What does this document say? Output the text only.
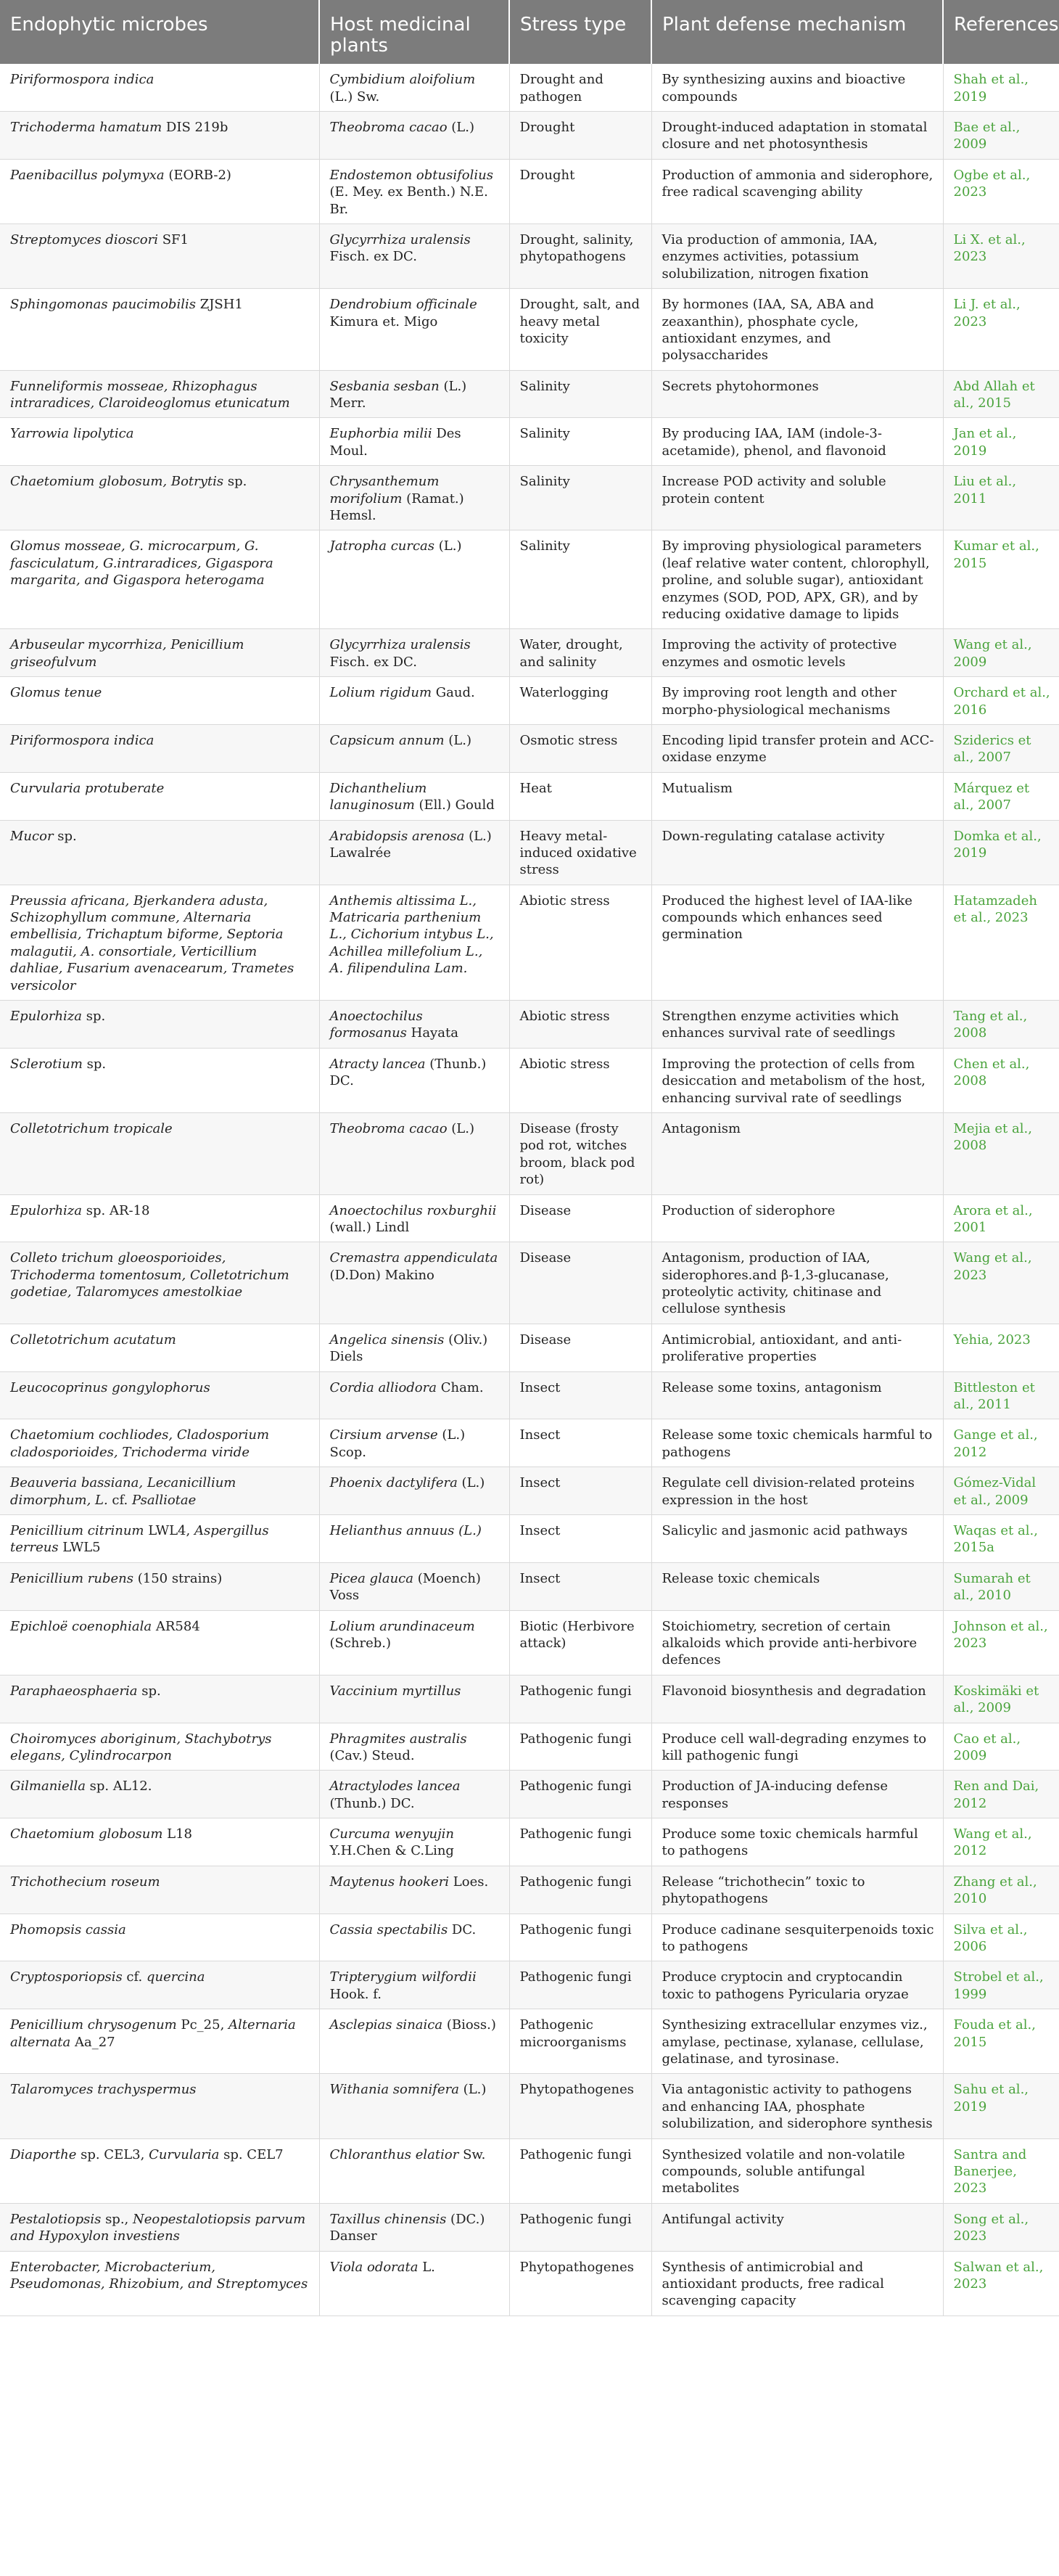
Endophytic microbes	Host medicinal plants	Stress type	Plant defense mechanism	References
Piriformospora indica	Cymbidium aloifolium (L.) Sw.	Drought and pathogen	By synthesizing auxins and bioactive compounds	Shah et al., 2019
Trichoderma hamatum DIS 219b	Theobroma cacao (L.)	Drought	Drought-induced adaptation in stomatal closure and net photosynthesis	Bae et al., 2009
Paenibacillus polymyxa (EORB-2)	Endostemon obtusifolius (E. Mey. ex Benth.) N.E. Br.	Drought	Production of ammonia and siderophore, free radical scavenging ability	Ogbe et al., 2023
Streptomyces dioscori SF1	Glycyrrhiza uralensis Fisch. ex DC.	Drought, salinity, phytopathogens	Via production of ammonia, IAA, enzymes activities, potassium solubilization, nitrogen fixation	Li X. et al., 2023
Sphingomonas paucimobilis ZJSH1	Dendrobium officinale Kimura et. Migo	Drought, salt, and heavy metal toxicity	By hormones (IAA, SA, ABA and zeaxanthin), phosphate cycle, antioxidant enzymes, and polysaccharides	Li J. et al., 2023
Funneliformis mosseae, Rhizophagus intraradices, Claroideoglomus etunicatum	Sesbania sesban (L.) Merr.	Salinity	Secrets phytohormones	Abd Allah et al., 2015
Yarrowia lipolytica	Euphorbia milii Des Moul.	Salinity	By producing IAA, IAM (indole-3-acetamide), phenol, and flavonoid	Jan et al., 2019
Chaetomium globosum, Botrytis sp.	Chrysanthemum morifolium (Ramat.) Hemsl.	Salinity	Increase POD activity and soluble protein content	Liu et al., 2011
Glomus mosseae, G. microcarpum, G. fasciculatum, G.intraradices, Gigaspora margarita, and Gigaspora heterogama	Jatropha curcas (L.)	Salinity	By improving physiological parameters (leaf relative water content, chlorophyll, proline, and soluble sugar), antioxidant enzymes (SOD, POD, APX, GR), and by reducing oxidative damage to lipids	Kumar et al., 2015
Arbuseular mycorrhiza, Penicillium griseofulvum	Glycyrrhiza uralensis Fisch. ex DC.	Water, drought, and salinity	Improving the activity of protective enzymes and osmotic levels	Wang et al., 2009
Glomus tenue	Lolium rigidum Gaud.	Waterlogging	By improving root length and other morpho-physiological mechanisms	Orchard et al., 2016
Piriformospora indica	Capsicum annum (L.)	Osmotic stress	Encoding lipid transfer protein and ACC-oxidase enzyme	Sziderics et al., 2007
Curvularia protuberate	Dichanthelium lanuginosum (Ell.) Gould	Heat	Mutualism	Márquez et al., 2007
Mucor sp.	Arabidopsis arenosa (L.) Lawalrée	Heavy metal-induced oxidative stress	Down-regulating catalase activity	Domka et al., 2019
Preussia africana, Bjerkandera adusta, Schizophyllum commune, Alternaria embellisia, Trichaptum biforme, Septoria malagutii, A. consortiale, Verticillium dahliae, Fusarium avenacearum, Trametes versicolor	Anthemis altissima L., Matricaria parthenium L., Cichorium intybus L., Achillea millefolium L., A. filipendulina Lam.	Abiotic stress	Produced the highest level of IAA-like compounds which enhances seed germination	Hatamzadeh et al., 2023
Epulorhiza sp.	Anoectochilus formosanus Hayata	Abiotic stress	Strengthen enzyme activities which enhances survival rate of seedlings	Tang et al., 2008
Sclerotium sp.	Atracty lancea (Thunb.) DC.	Abiotic stress	Improving the protection of cells from desiccation and metabolism of the host, enhancing survival rate of seedlings	Chen et al., 2008
Colletotrichum tropicale	Theobroma cacao (L.)	Disease (frosty pod rot, witches broom, black pod rot)	Antagonism	Mejia et al., 2008
Epulorhiza sp. AR-18	Anoectochilus roxburghii (wall.) Lindl	Disease	Production of siderophore	Arora et al., 2001
Colleto trichum gloeosporioides, Trichoderma tomentosum, Colletotrichum godetiae, Talaromyces amestolkiae	Cremastra appendiculata (D.Don) Makino	Disease	Antagonism, production of IAA, siderophores.and β-1,3-glucanase, proteolytic activity, chitinase and cellulose synthesis	Wang et al., 2023
Colletotrichum acutatum	Angelica sinensis (Oliv.) Diels	Disease	Antimicrobial, antioxidant, and anti-proliferative properties	Yehia, 2023
Leucocoprinus gongylophorus	Cordia alliodora Cham.	Insect	Release some toxins, antagonism	Bittleston et al., 2011
Chaetomium cochliodes, Cladosporium cladosporioides, Trichoderma viride	Cirsium arvense (L.) Scop.	Insect	Release some toxic chemicals harmful to pathogens	Gange et al., 2012
Beauveria bassiana, Lecanicillium dimorphum, L. cf. Psalliotae	Phoenix dactylifera (L.)	Insect	Regulate cell division-related proteins expression in the host	Gómez-Vidal et al., 2009
Penicillium citrinum LWL4, Aspergillus terreus LWL5	Helianthus annuus (L.)	Insect	Salicylic and jasmonic acid pathways	Waqas et al., 2015a
Penicillium rubens (150 strains)	Picea glauca (Moench) Voss	Insect	Release toxic chemicals	Sumarah et al., 2010
Epichloë coenophiala AR584	Lolium arundinaceum (Schreb.)	Biotic (Herbivore attack)	Stoichiometry, secretion of certain alkaloids which provide anti-herbivore defences	Johnson et al., 2023
Paraphaeosphaeria sp.	Vaccinium myrtillus	Pathogenic fungi	Flavonoid biosynthesis and degradation	Koskimäki et al., 2009
Choiromyces aboriginum, Stachybotrys elegans, Cylindrocarpon	Phragmites australis (Cav.) Steud.	Pathogenic fungi	Produce cell wall-degrading enzymes to kill pathogenic fungi	Cao et al., 2009
Gilmaniella sp. AL12.	Atractylodes lancea (Thunb.) DC.	Pathogenic fungi	Production of JA-inducing defense responses	Ren and Dai, 2012
Chaetomium globosum L18	Curcuma wenyujin Y.H.Chen & C.Ling	Pathogenic fungi	Produce some toxic chemicals harmful to pathogens	Wang et al., 2012
Trichothecium roseum	Maytenus hookeri Loes.	Pathogenic fungi	Release “trichothecin” toxic to phytopathogens	Zhang et al., 2010
Phomopsis cassia	Cassia spectabilis DC.	Pathogenic fungi	Produce cadinane sesquiterpenoids toxic to pathogens	Silva et al., 2006
Cryptosporiopsis cf. quercina	Tripterygium wilfordii Hook. f.	Pathogenic fungi	Produce cryptocin and cryptocandin toxic to pathogens Pyricularia oryzae	Strobel et al., 1999
Penicillium chrysogenum Pc_25, Alternaria alternata Aa_27	Asclepias sinaica (Bioss.)	Pathogenic microorganisms	Synthesizing extracellular enzymes viz., amylase, pectinase, xylanase, cellulase, gelatinase, and tyrosinase.	Fouda et al., 2015
Talaromyces trachyspermus	Withania somnifera (L.)	Phytopathogenes	Via antagonistic activity to pathogens and enhancing IAA, phosphate solubilization, and siderophore synthesis	Sahu et al., 2019
Diaporthe sp. CEL3, Curvularia sp. CEL7	Chloranthus elatior Sw.	Pathogenic fungi	Synthesized volatile and non-volatile compounds, soluble antifungal metabolites	Santra and Banerjee, 2023
Pestalotiopsis sp., Neopestalotiopsis parvum and Hypoxylon investiens	Taxillus chinensis (DC.) Danser	Pathogenic fungi	Antifungal activity	Song et al., 2023
Enterobacter, Microbacterium, Pseudomonas, Rhizobium, and Streptomyces	Viola odorata L.	Phytopathogenes	Synthesis of antimicrobial and antioxidant products, free radical scavenging capacity	Salwan et al., 2023
